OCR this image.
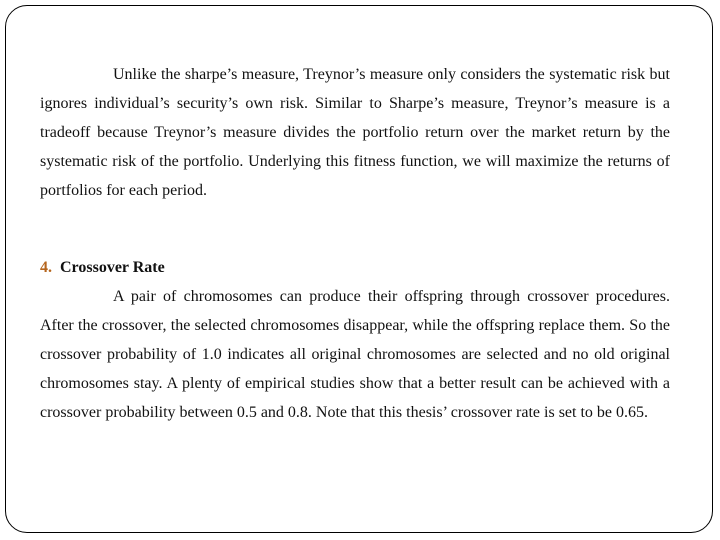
Unlike the sharpe’s measure, Treynor’s measure only considers the systematic risk but ignores individual’s security’s own risk. Similar to Sharpe’s measure, Treynor’s measure is a tradeoff because Treynor’s measure divides the portfolio return over the market return by the systematic risk of the portfolio. Underlying this fitness function, we will maximize the returns of portfolios for each period.

4. Crossover Rate

A pair of chromosomes can produce their offspring through crossover procedures. After the crossover, the selected chromosomes disappear, while the offspring replace them. So the crossover probability of 1.0 indicates all original chromosomes are selected and no old original chromosomes stay. A plenty of empirical studies show that a better result can be achieved with a crossover probability between 0.5 and 0.8. Note that this thesis’ crossover rate is set to be 0.65.
